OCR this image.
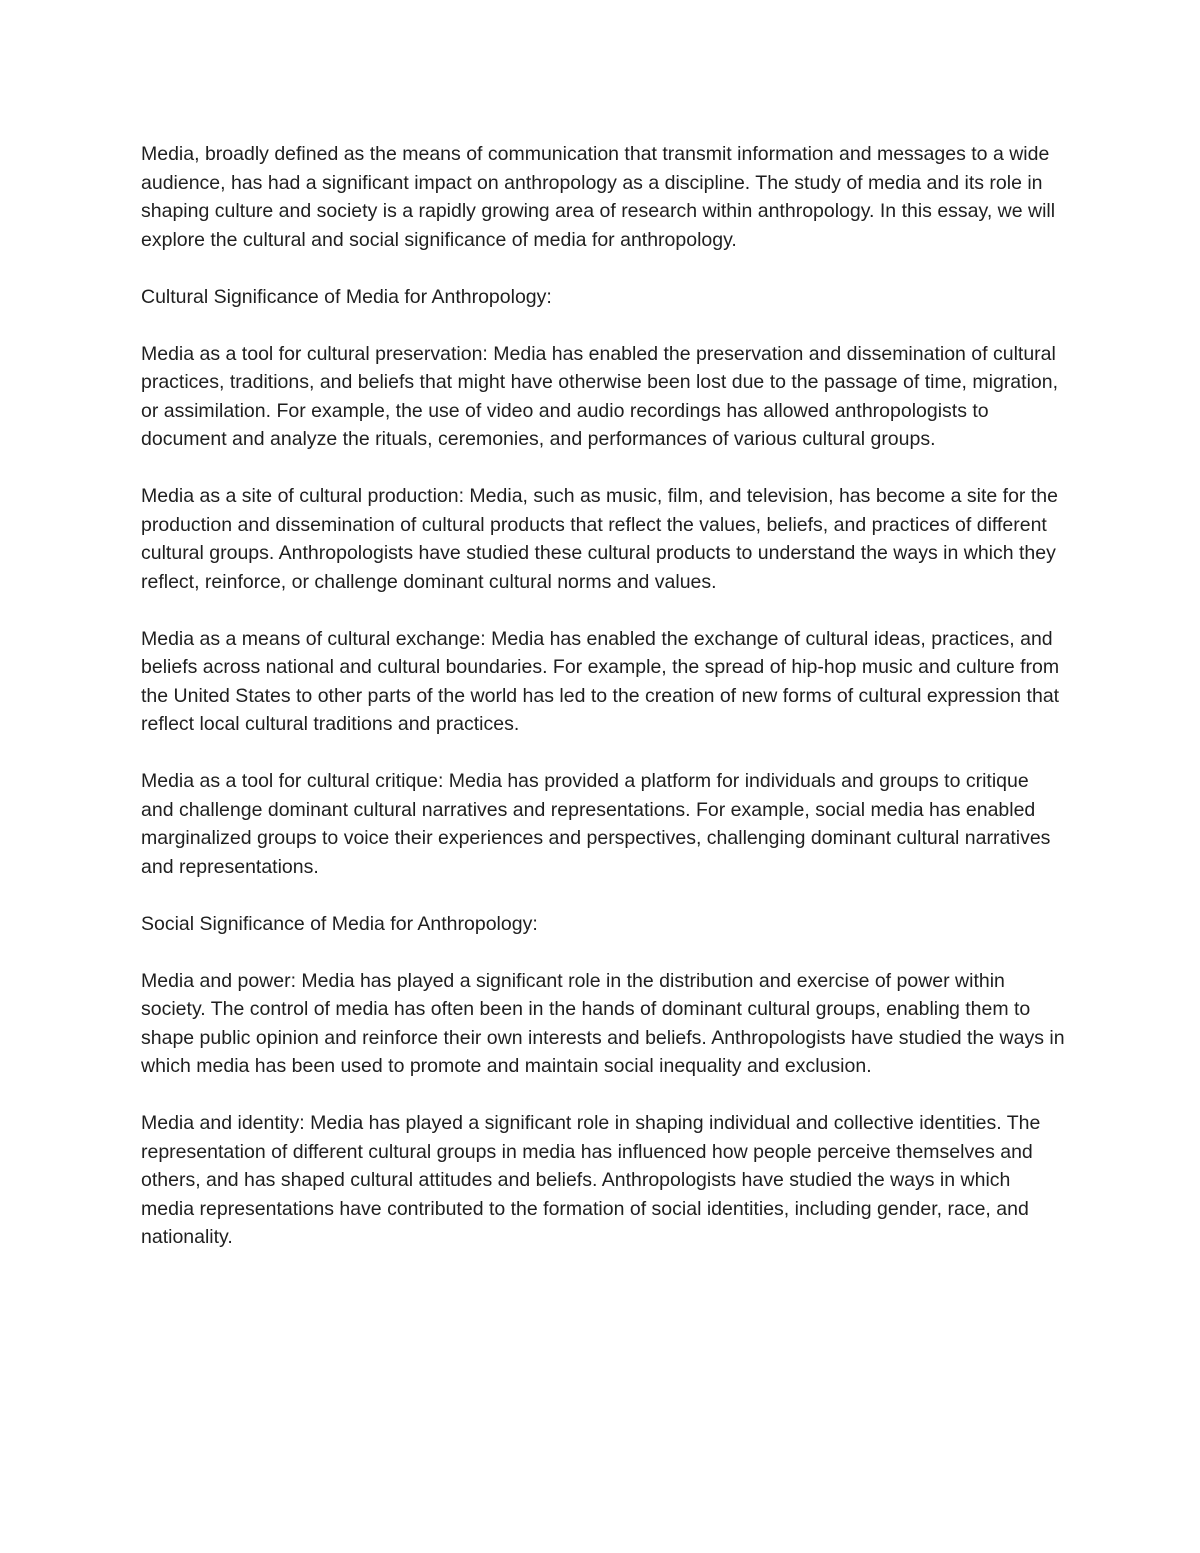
Media, broadly defined as the means of communication that transmit information and messages to a wide audience, has had a significant impact on anthropology as a discipline. The study of media and its role in shaping culture and society is a rapidly growing area of research within anthropology. In this essay, we will explore the cultural and social significance of media for anthropology.

Cultural Significance of Media for Anthropology:

Media as a tool for cultural preservation: Media has enabled the preservation and dissemination of cultural practices, traditions, and beliefs that might have otherwise been lost due to the passage of time, migration, or assimilation. For example, the use of video and audio recordings has allowed anthropologists to document and analyze the rituals, ceremonies, and performances of various cultural groups.

Media as a site of cultural production: Media, such as music, film, and television, has become a site for the production and dissemination of cultural products that reflect the values, beliefs, and practices of different cultural groups. Anthropologists have studied these cultural products to understand the ways in which they reflect, reinforce, or challenge dominant cultural norms and values.

Media as a means of cultural exchange: Media has enabled the exchange of cultural ideas, practices, and beliefs across national and cultural boundaries. For example, the spread of hip-hop music and culture from the United States to other parts of the world has led to the creation of new forms of cultural expression that reflect local cultural traditions and practices.

Media as a tool for cultural critique: Media has provided a platform for individuals and groups to critique and challenge dominant cultural narratives and representations. For example, social media has enabled marginalized groups to voice their experiences and perspectives, challenging dominant cultural narratives and representations.

Social Significance of Media for Anthropology:

Media and power: Media has played a significant role in the distribution and exercise of power within society. The control of media has often been in the hands of dominant cultural groups, enabling them to shape public opinion and reinforce their own interests and beliefs. Anthropologists have studied the ways in which media has been used to promote and maintain social inequality and exclusion.

Media and identity: Media has played a significant role in shaping individual and collective identities. The representation of different cultural groups in media has influenced how people perceive themselves and others, and has shaped cultural attitudes and beliefs. Anthropologists have studied the ways in which media representations have contributed to the formation of social identities, including gender, race, and nationality.
